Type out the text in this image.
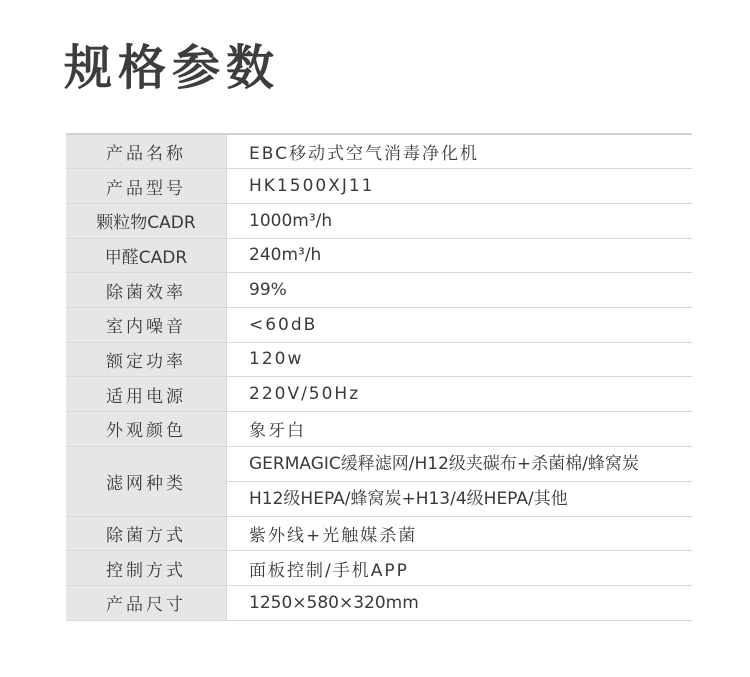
规格参数
产品名称	EBC移动式空气消毒净化机
产品型号	HK1500XJ11
颗粒物CADR	1000m³/h
甲醛CADR	240m³/h
除菌效率	99%
室内噪音	<60dB
额定功率	120w
适用电源	220V/50Hz
外观颜色	象牙白
滤网种类	GERMAGIC缓释滤网/H12级夹碳布+杀菌棉/蜂窝炭
H12级HEPA/蜂窝炭+H13/4级HEPA/其他

除菌方式	紫外线+光触媒杀菌
控制方式	面板控制/手机APP
产品尺寸	1250×580×320mm
